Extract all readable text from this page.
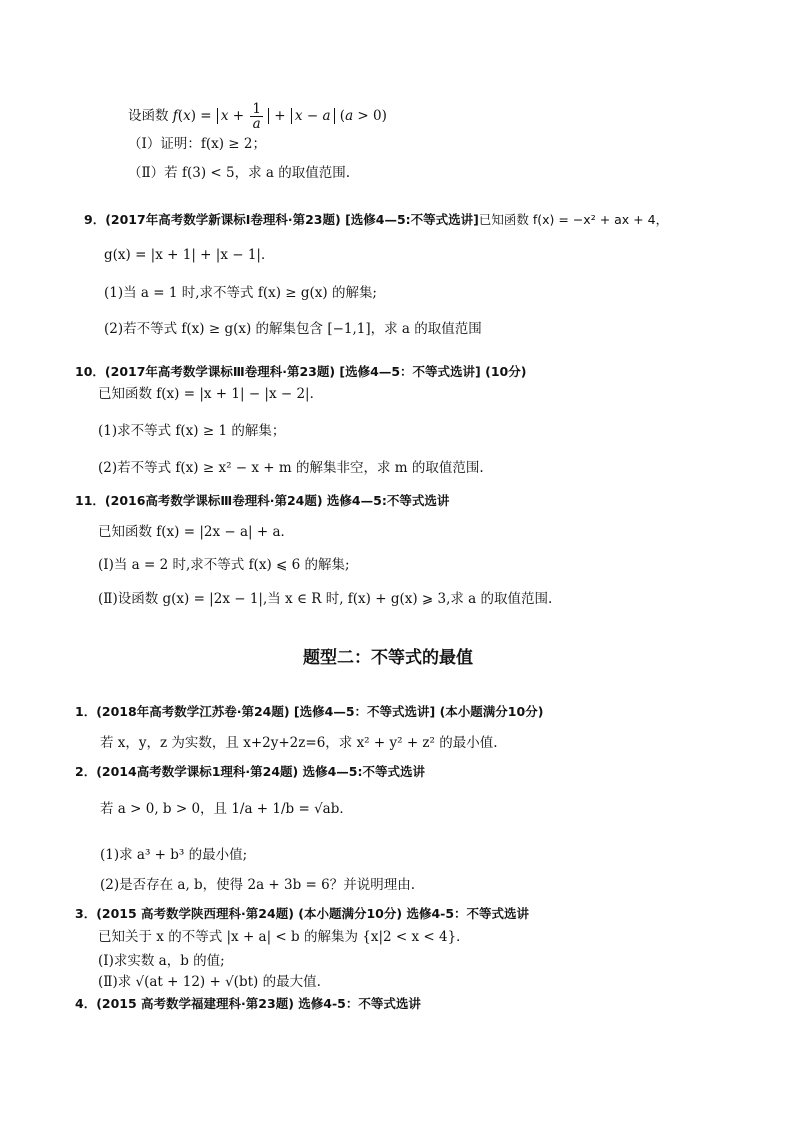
设函数 $f(x) = x + \frac{1}{a} + x - a$ (a > 0)
（Ⅰ）证明：f(x) ≥ 2；
（Ⅱ）若 f(3) < 5，求 a 的取值范围.
9．(2017年高考数学新课标Ⅰ卷理科·第23题) [选修4—5:不等式选讲]已知函数 f(x) = −x² + ax + 4，
g(x) = |x + 1| + |x − 1|．
(1)当 a = 1 时,求不等式 f(x) ≥ g(x) 的解集;
(2)若不等式 f(x) ≥ g(x) 的解集包含 [−1,1]，求 a 的取值范围
10．(2017年高考数学课标Ⅲ卷理科·第23题) [选修4—5：不等式选讲] (10分)
已知函数 f(x) = |x + 1| − |x − 2|．
(1)求不等式 f(x) ≥ 1 的解集；
(2)若不等式 f(x) ≥ x² − x + m 的解集非空，求 m 的取值范围.
11．(2016高考数学课标Ⅲ卷理科·第24题) 选修4—5:不等式选讲
已知函数 f(x) = |2x − a| + a．
(Ⅰ)当 a = 2 时,求不等式 f(x) ⩽ 6 的解集;
(Ⅱ)设函数 g(x) = |2x − 1|,当 x ∈ R 时, f(x) + g(x) ⩾ 3,求 a 的取值范围.
题型二：不等式的最值
1．(2018年高考数学江苏卷·第24题) [选修4—5：不等式选讲] (本小题满分10分)
若 x，y，z 为实数，且 x+2y+2z=6，求 x² + y² + z² 的最小值.
2．(2014高考数学课标1理科·第24题) 选修4—5:不等式选讲
若 a > 0, b > 0，且 1/a + 1/b = √ab．
(1)求 a³ + b³ 的最小值;
(2)是否存在 a, b，使得 2a + 3b = 6？并说明理由.
3．(2015 高考数学陕西理科·第24题) (本小题满分10分) 选修4-5：不等式选讲
已知关于 x 的不等式 |x + a| < b 的解集为 {x|2 < x < 4}．
(Ⅰ)求实数 a，b 的值;
(Ⅱ)求 √(at + 12) + √(bt) 的最大值.
4．(2015 高考数学福建理科·第23题) 选修4-5：不等式选讲
